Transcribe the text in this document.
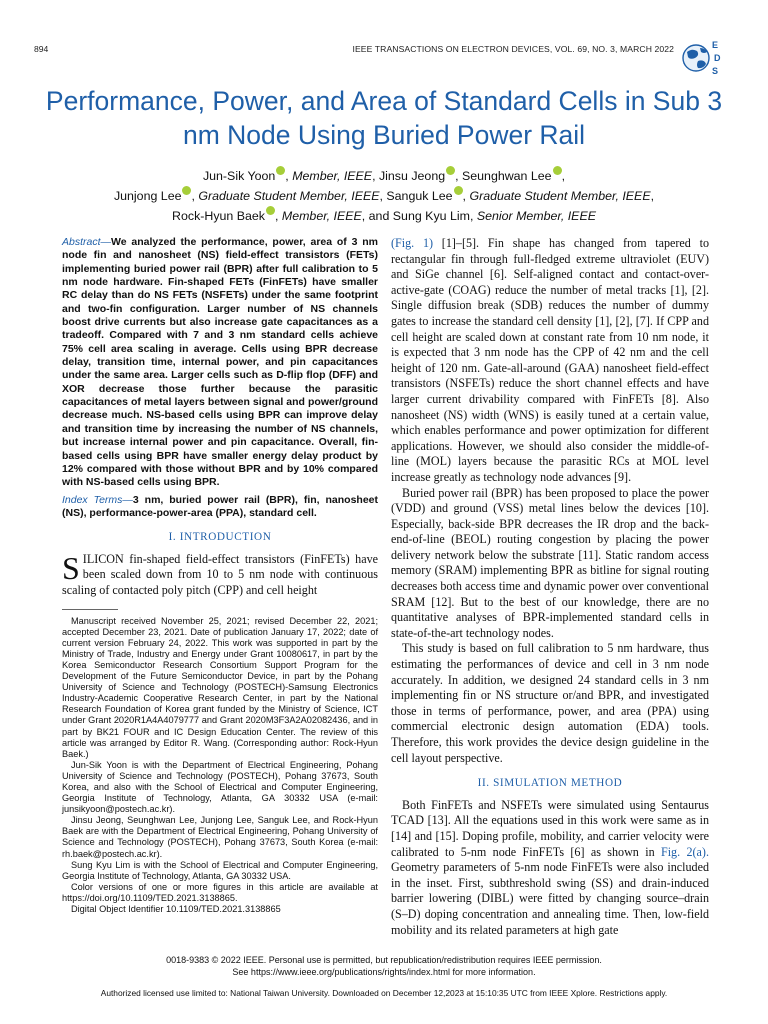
894	IEEE TRANSACTIONS ON ELECTRON DEVICES, VOL. 69, NO. 3, MARCH 2022	E
D
S
Performance, Power, and Area of Standard Cells in Sub 3 nm Node Using Buried Power Rail
Jun-Sik Yoon , Member, IEEE, Jinsu Jeong , Seunghwan Lee ,
Junjong Lee , Graduate Student Member, IEEE, Sanguk Lee , Graduate Student Member, IEEE,
Rock-Hyun Baek , Member, IEEE, and Sung Kyu Lim, Senior Member, IEEE

Abstract—We analyzed the performance, power, area of 3 nm node fin and nanosheet (NS) field-effect transistors (FETs) implementing buried power rail (BPR) after full calibration to 5 nm node hardware. Fin-shaped FETs (FinFETs) have smaller RC delay than do NS FETs (NSFETs) under the same footprint and two-fin configuration. Larger number of NS channels boost drive currents but also increase gate capacitances as a tradeoff. Compared with 7 and 3 nm standard cells achieve 75% cell area scaling in average. Cells using BPR decrease delay, transition time, internal power, and pin capacitances under the same area. Larger cells such as D-flip flop (DFF) and XOR decrease those further because the parasitic capacitances of metal layers between signal and power/ground decrease much. NS-based cells using BPR can improve delay and transition time by increasing the number of NS channels, but increase internal power and pin capacitance. Overall, fin-based cells using BPR have smaller energy delay product by 12% compared with those without BPR and by 10% compared with NS-based cells using BPR.

Index Terms—3 nm, buried power rail (BPR), fin, nanosheet (NS), performance-power-area (PPA), standard cell.

I. INTRODUCTION

SILICON fin-shaped field-effect transistors (FinFETs) have been scaled down from 10 to 5 nm node with continuous scaling of contacted poly pitch (CPP) and cell height

Manuscript received November 25, 2021; revised December 22, 2021; accepted December 23, 2021. Date of publication January 17, 2022; date of current version February 24, 2022. This work was supported in part by the Ministry of Trade, Industry and Energy under Grant 10080617, in part by the Korea Semiconductor Research Consortium Support Program for the Development of the Future Semiconductor Device, in part by the Pohang University of Science and Technology (POSTECH)-Samsung Electronics Industry-Academic Cooperative Research Center, in part by the National Research Foundation of Korea grant funded by the Ministry of Science, ICT under Grant 2020R1A4A4079777 and Grant 2020M3F3A2A02082436, and in part by BK21 FOUR and IC Design Education Center. The review of this article was arranged by Editor R. Wang. (Corresponding author: Rock-Hyun Baek.)

Jun-Sik Yoon is with the Department of Electrical Engineering, Pohang University of Science and Technology (POSTECH), Pohang 37673, South Korea, and also with the School of Electrical and Computer Engineering, Georgia Institute of Technology, Atlanta, GA 30332 USA (e-mail: junsikyoon@postech.ac.kr).

Jinsu Jeong, Seunghwan Lee, Junjong Lee, Sanguk Lee, and Rock-Hyun Baek are with the Department of Electrical Engineering, Pohang University of Science and Technology (POSTECH), Pohang 37673, South Korea (e-mail: rh.baek@postech.ac.kr).

Sung Kyu Lim is with the School of Electrical and Computer Engineering, Georgia Institute of Technology, Atlanta, GA 30332 USA.

Color versions of one or more figures in this article are available at https://doi.org/10.1109/TED.2021.3138865.

Digital Object Identifier 10.1109/TED.2021.3138865

(Fig. 1) [1]–[5]. Fin shape has changed from tapered to rectangular fin through full-fledged extreme ultraviolet (EUV) and SiGe channel [6]. Self-aligned contact and contact-over-active-gate (COAG) reduce the number of metal tracks [1], [2]. Single diffusion break (SDB) reduces the number of dummy gates to increase the standard cell density [1], [2], [7]. If CPP and cell height are scaled down at constant rate from 10 nm node, it is expected that 3 nm node has the CPP of 42 nm and the cell height of 120 nm. Gate-all-around (GAA) nanosheet field-effect transistors (NSFETs) reduce the short channel effects and have larger current drivability compared with FinFETs [8]. Also nanosheet (NS) width (WNS) is easily tuned at a certain value, which enables performance and power optimization for different applications. However, we should also consider the middle-of-line (MOL) layers because the parasitic RCs at MOL level increase greatly as technology node advances [9].

Buried power rail (BPR) has been proposed to place the power (VDD) and ground (VSS) metal lines below the devices [10]. Especially, back-side BPR decreases the IR drop and the back-end-of-line (BEOL) routing congestion by placing the power delivery network below the substrate [11]. Static random access memory (SRAM) implementing BPR as bitline for signal routing decreases both access time and dynamic power over conventional SRAM [12]. But to the best of our knowledge, there are no quantitative analyses of BPR-implemented standard cells in state-of-the-art technology nodes.

This study is based on full calibration to 5 nm hardware, thus estimating the performances of device and cell in 3 nm node accurately. In addition, we designed 24 standard cells in 3 nm implementing fin or NS structure or/and BPR, and investigated those in terms of performance, power, and area (PPA) using commercial electronic design automation (EDA) tools. Therefore, this work provides the device design guideline in the cell layout perspective.

II. SIMULATION METHOD

Both FinFETs and NSFETs were simulated using Sentaurus TCAD [13]. All the equations used in this work were same as in [14] and [15]. Doping profile, mobility, and carrier velocity were calibrated to 5-nm node FinFETs [6] as shown in Fig. 2(a). Geometry parameters of 5-nm node FinFETs were also included in the inset. First, subthreshold swing (SS) and drain-induced barrier lowering (DIBL) were fitted by changing source–drain (S–D) doping concentration and annealing time. Then, low-field mobility and its related parameters at high gate

0018-9383 © 2022 IEEE. Personal use is permitted, but republication/redistribution requires IEEE permission.
See https://www.ieee.org/publications/rights/index.html for more information.
Authorized licensed use limited to: National Taiwan University. Downloaded on December 12,2023 at 15:10:35 UTC from IEEE Xplore. Restrictions apply.
